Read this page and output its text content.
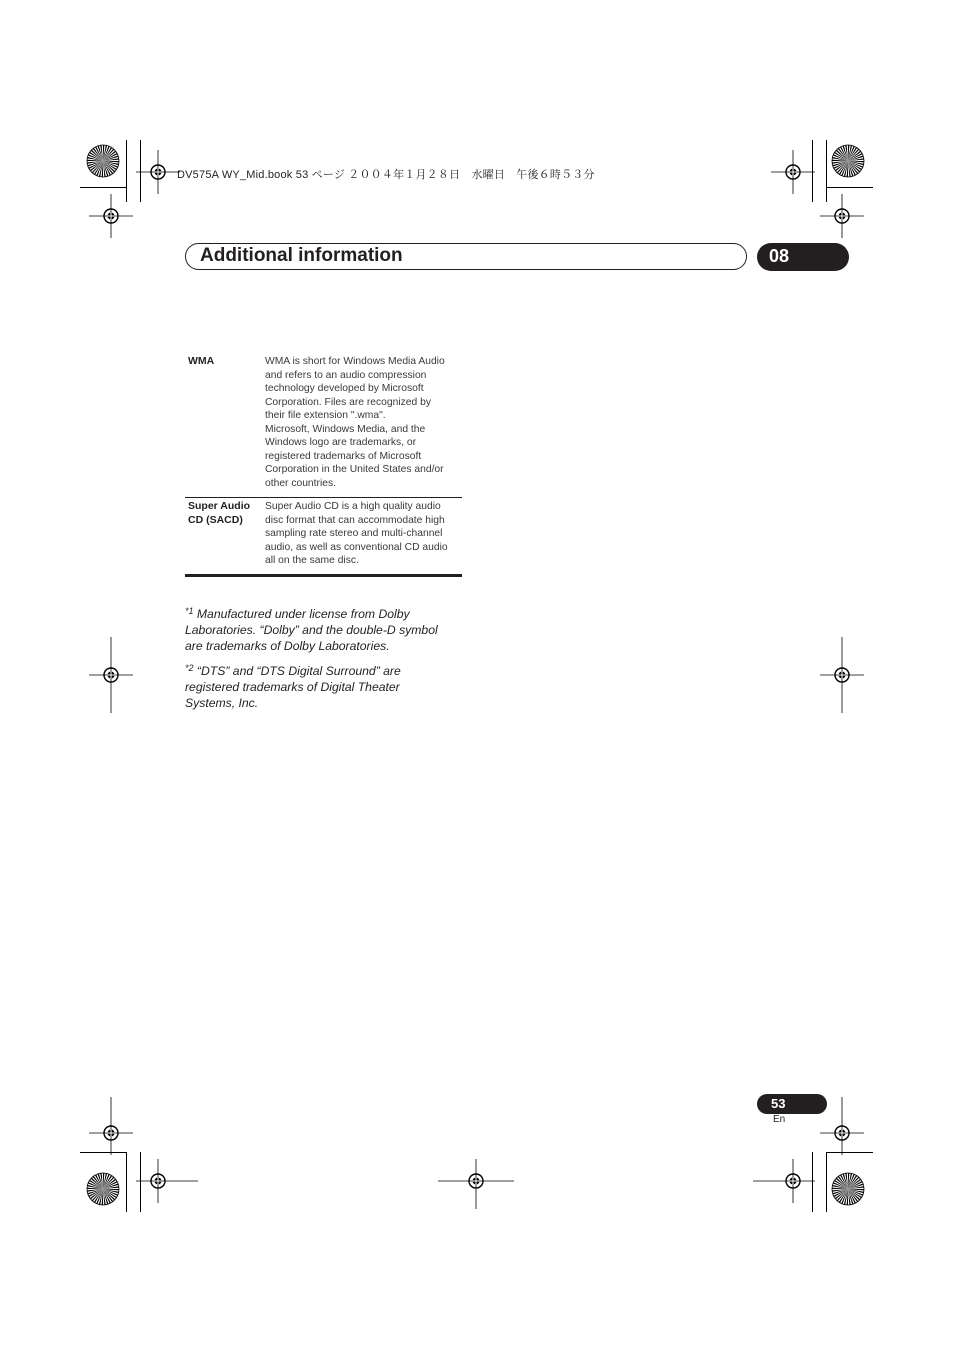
DV575A WY_Mid.book 53 ページ ２００４年１月２８日　水曜日　午後６時５３分
Additional information	08
WMA	WMA is short for Windows Media Audio
and refers to an audio compression
technology developed by Microsoft
Corporation. Files are recognized by
their file extension ".wma".
Microsoft, Windows Media, and the
Windows logo are trademarks, or
registered trademarks of Microsoft
Corporation in the United States and/or
other countries.
Super Audio
CD (SACD)
Super Audio CD is a high quality audio
disc format that can accommodate high
sampling rate stereo and multi-channel
audio, as well as conventional CD audio
all on the same disc.
$^{*1}$ Manufactured under license from Dolby
Laboratories. “Dolby” and the double-D symbol
are trademarks of Dolby Laboratories.
$^{*2}$ “DTS” and “DTS Digital Surround” are
registered trademarks of Digital Theater
Systems, Inc.
53
En
